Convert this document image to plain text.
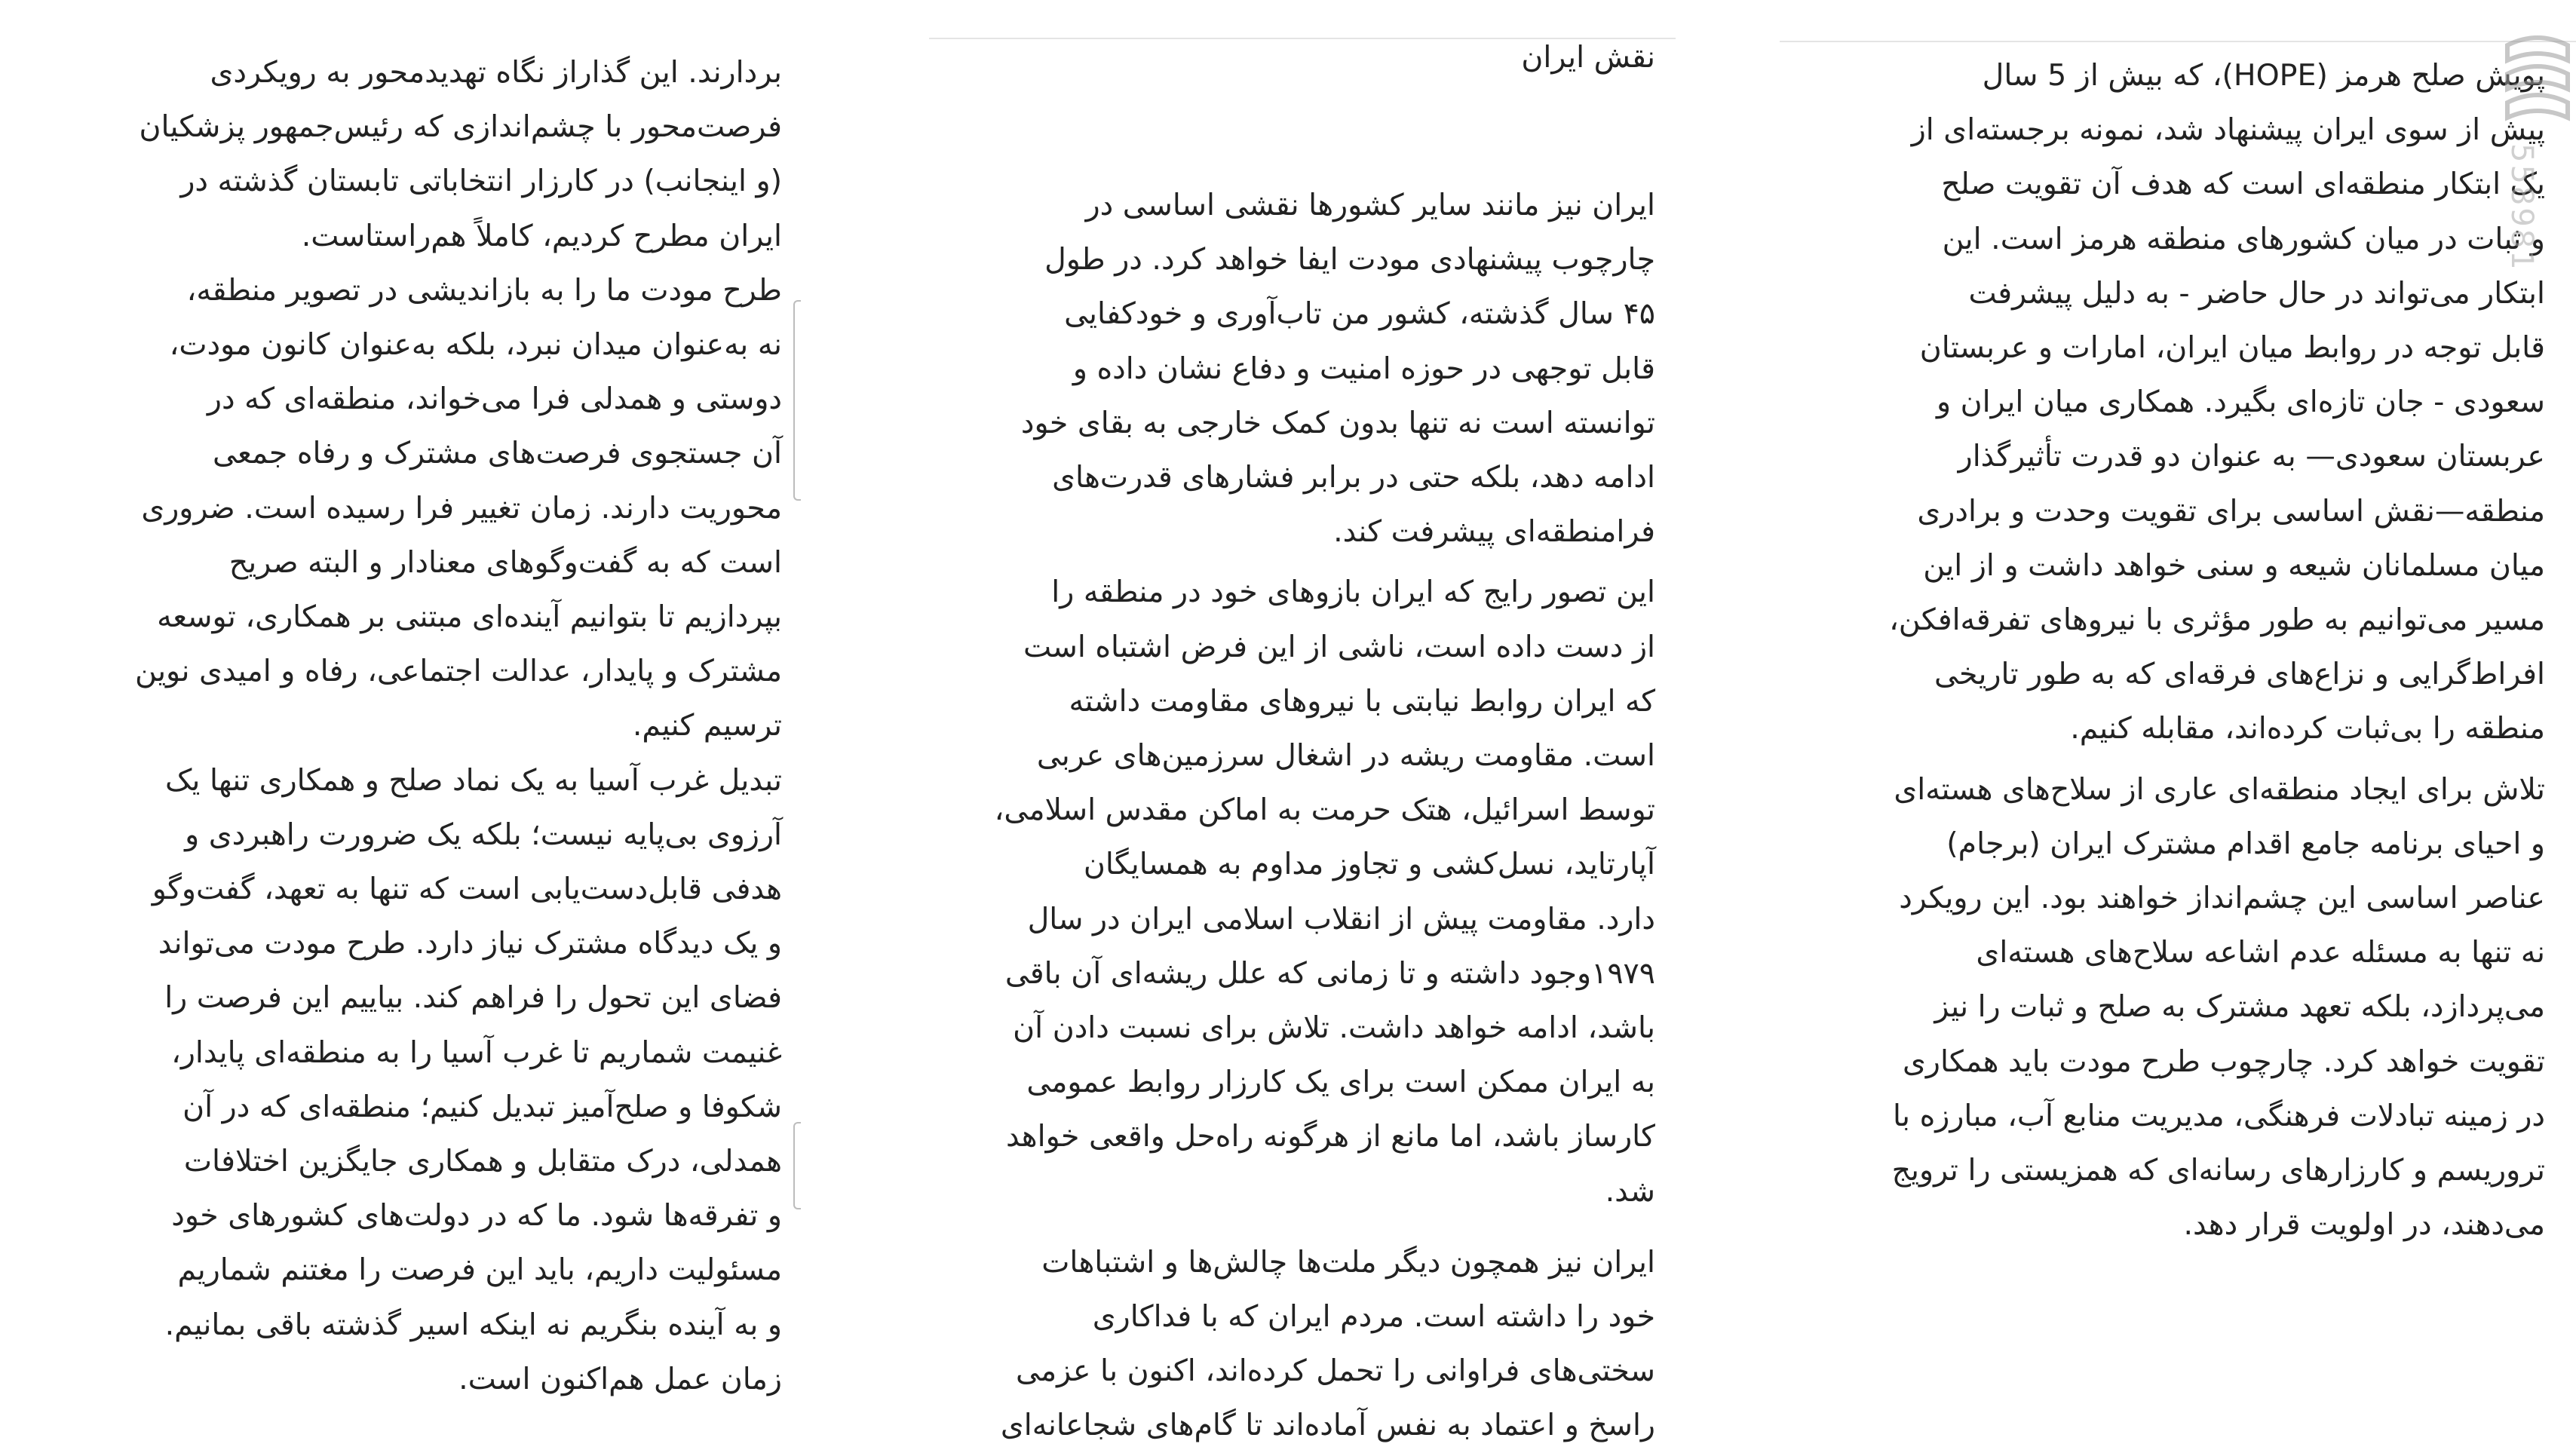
پویش صلح هرمز (HOPE)، که بیش از 5 سال

پیش از سوی ایران پیشنهاد شد، نمونه برجسته‌ای از

یک ابتکار منطقه‌ای است که هدف آن تقویت صلح

و ثبات در میان کشورهای منطقه هرمز است. این

ابتکار می‌تواند در حال حاضر - به دلیل پیشرفت

قابل توجه در روابط میان ایران، امارات و عربستان

سعودی - جان تازه‌ای بگیرد. همکاری میان ایران و

عربستان سعودی— به عنوان دو قدرت تأثیرگذار

منطقه—نقش اساسی برای تقویت وحدت و برادری

میان مسلمانان شیعه و سنی خواهد داشت و از این

مسیر می‌توانیم به طور مؤثری با نیروهای تفرقه‌افکن،

افراط‌گرایی و نزاع‌های فرقه‌ای که به طور تاریخی

منطقه را بی‌ثبات کرده‌اند، مقابله کنیم.

تلاش برای ایجاد منطقه‌ای عاری از سلاح‌های هسته‌ای

و احیای برنامه جامع اقدام مشترک ایران (برجام)

عناصر اساسی این چشم‌انداز خواهند بود. این رویکرد

نه تنها به مسئله عدم اشاعه سلاح‌های هسته‌ای

می‌پردازد، بلکه تعهد مشترک به صلح و ثبات را نیز

تقویت خواهد کرد. چارچوب طرح مودت باید همکاری

در زمینه تبادلات فرهنگی، مدیریت منابع آب، مبارزه با

تروریسم و کارزارهای رسانه‌ای که همزیستی را ترویج

می‌دهند، در اولویت قرار دهد.

نقش ایران

ایران نیز مانند سایر کشورها نقشی اساسی در

چارچوب پیشنهادی مودت ایفا خواهد کرد. در طول

۴۵ سال گذشته، کشور من تاب‌آوری و خودکفایی

قابل توجهی در حوزه امنیت و دفاع نشان داده و

توانسته است نه تنها بدون کمک خارجی به بقای خود

ادامه دهد، بلکه حتی در برابر فشارهای قدرت‌های

فرامنطقه‌ای پیشرفت کند.

این تصور رایج که ایران بازوهای خود در منطقه را

از دست داده است، ناشی از این فرض اشتباه است

که ایران روابط نیابتی با نیروهای مقاومت داشته

است. مقاومت ریشه در اشغال سرزمین‌های عربی

توسط اسرائیل، هتک حرمت به اماکن مقدس اسلامی،

آپارتاید، نسل‌کشی و تجاوز مداوم به همسایگان

دارد. مقاومت پیش از انقلاب اسلامی ایران در سال

۱۹۷۹وجود داشته و تا زمانی که علل ریشه‌ای آن باقی

باشد، ادامه خواهد داشت. تلاش برای نسبت دادن آن

به ایران ممکن است برای یک کارزار روابط عمومی

کارساز باشد، اما مانع از هرگونه راه‌حل واقعی خواهد

شد.

ایران نیز همچون دیگر ملت‌ها چالش‌ها و اشتباهات

خود را داشته است. مردم ایران که با فداکاری

سختی‌های فراوانی را تحمل کرده‌اند، اکنون با عزمی

راسخ و اعتماد به نفس آماده‌اند تا گام‌های شجاعانه‌ای

بردارند. این گذاراز نگاه تهدیدمحور به رویکردی

فرصت‌محور با چشم‌اندازی که رئیس‌جمهور پزشکیان

(و اینجانب) در کارزار انتخاباتی تابستان گذشته در

ایران مطرح کردیم، کاملاً هم‌راستاست.

طرح مودت ما را به بازاندیشی در تصویر منطقه،

نه به‌عنوان میدان نبرد، بلکه به‌عنوان کانون مودت،

دوستی و همدلی فرا می‌خواند، منطقه‌ای که در

آن جستجوی فرصت‌های مشترک و رفاه جمعی

محوریت دارند. زمان تغییر فرا رسیده است. ضروری

است که به گفت‌وگوهای معنادار و البته صریح

بپردازیم تا بتوانیم آینده‌ای مبتنی بر همکاری، توسعه

مشترک و پایدار، عدالت اجتماعی، رفاه و امیدی نوین

ترسیم کنیم.

تبدیل غرب آسیا به یک نماد صلح و همکاری تنها یک

آرزوی بی‌پایه نیست؛ بلکه یک ضرورت راهبردی و

هدفی قابل‌دست‌یابی است که تنها به تعهد، گفت‌وگو

و یک دیدگاه مشترک نیاز دارد. طرح مودت می‌تواند

فضای این تحول را فراهم کند. بیاییم این فرصت را

غنیمت شماریم تا غرب آسیا را به منطقه‌ای پایدار،

شکوفا و صلح‌آمیز تبدیل کنیم؛ منطقه‌ای که در آن

همدلی، درک متقابل و همکاری جایگزین اختلافات

و تفرقه‌ها شود. ما که در دولت‌های کشورهای خود

مسئولیت داریم، باید این فرصت را مغتنم شماریم

و به آینده بنگریم نه اینکه اسیر گذشته باقی بمانیم.

زمان عمل هم‌اکنون است.

558981
